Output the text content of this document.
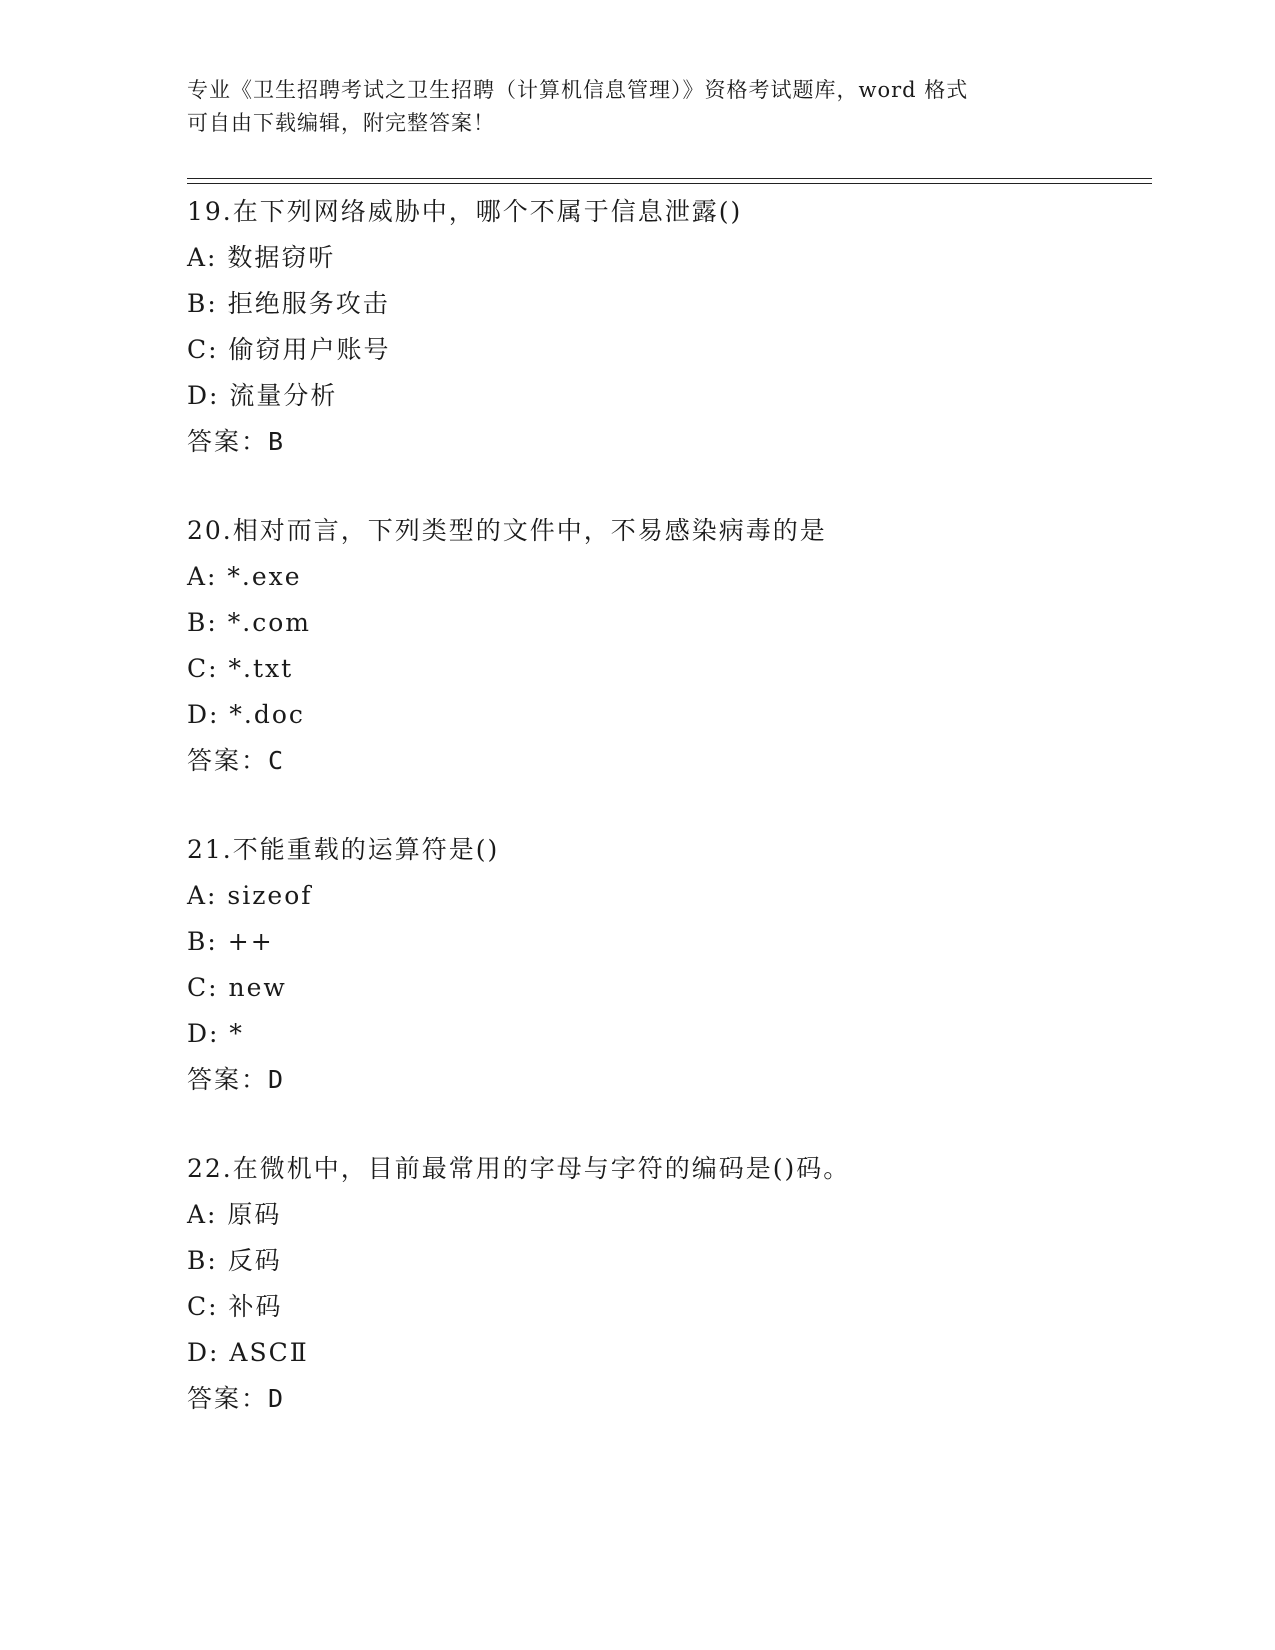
专业《卫生招聘考试之卫生招聘（计算机信息管理）》资格考试题库，word 格式
可自由下载编辑，附完整答案！
19.在下列网络威胁中，哪个不属于信息泄露()
A: 数据窃听
B: 拒绝服务攻击
C: 偷窃用户账号
D: 流量分析
答案：B
20.相对而言，下列类型的文件中，不易感染病毒的是
A: *.exe
B: *.com
C: *.txt
D: *.doc
答案：C
21.不能重载的运算符是()
A: sizeof
B: ++
C: new
D: *
答案：D
22.在微机中，目前最常用的字母与字符的编码是()码。
A: 原码
B: 反码
C: 补码
D: ASCⅡ
答案：D
